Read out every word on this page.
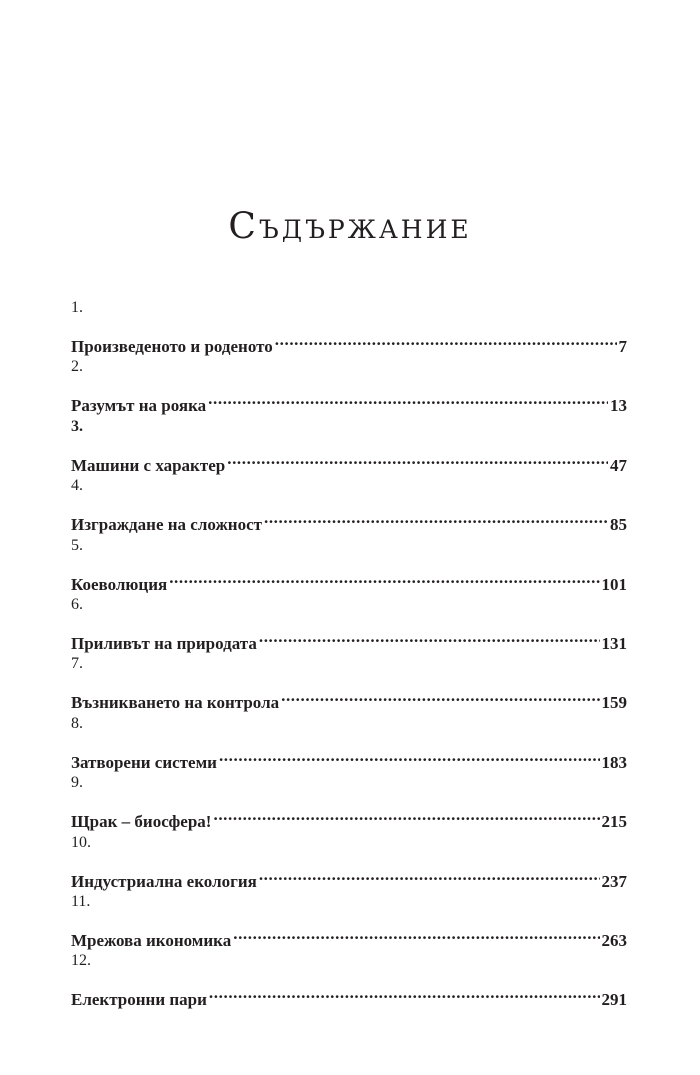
Съдържание
1.
Произведеното и роденото .....	7
2.
Разумът на рояка .....	13
3.
Машини с характер .....	47
4.
Изграждане на сложност .....	85
5.
Коеволюция .....	101
6.
Приливът на природата .....	131
7.
Възникването на контрола .....	159
8.
Затворени системи .....	183
9.
Щрак – биосфера! .....	215
10.
Индустриална екология .....	237
11.
Мрежова икономика .....	263
12.
Електронни пари .....	291
